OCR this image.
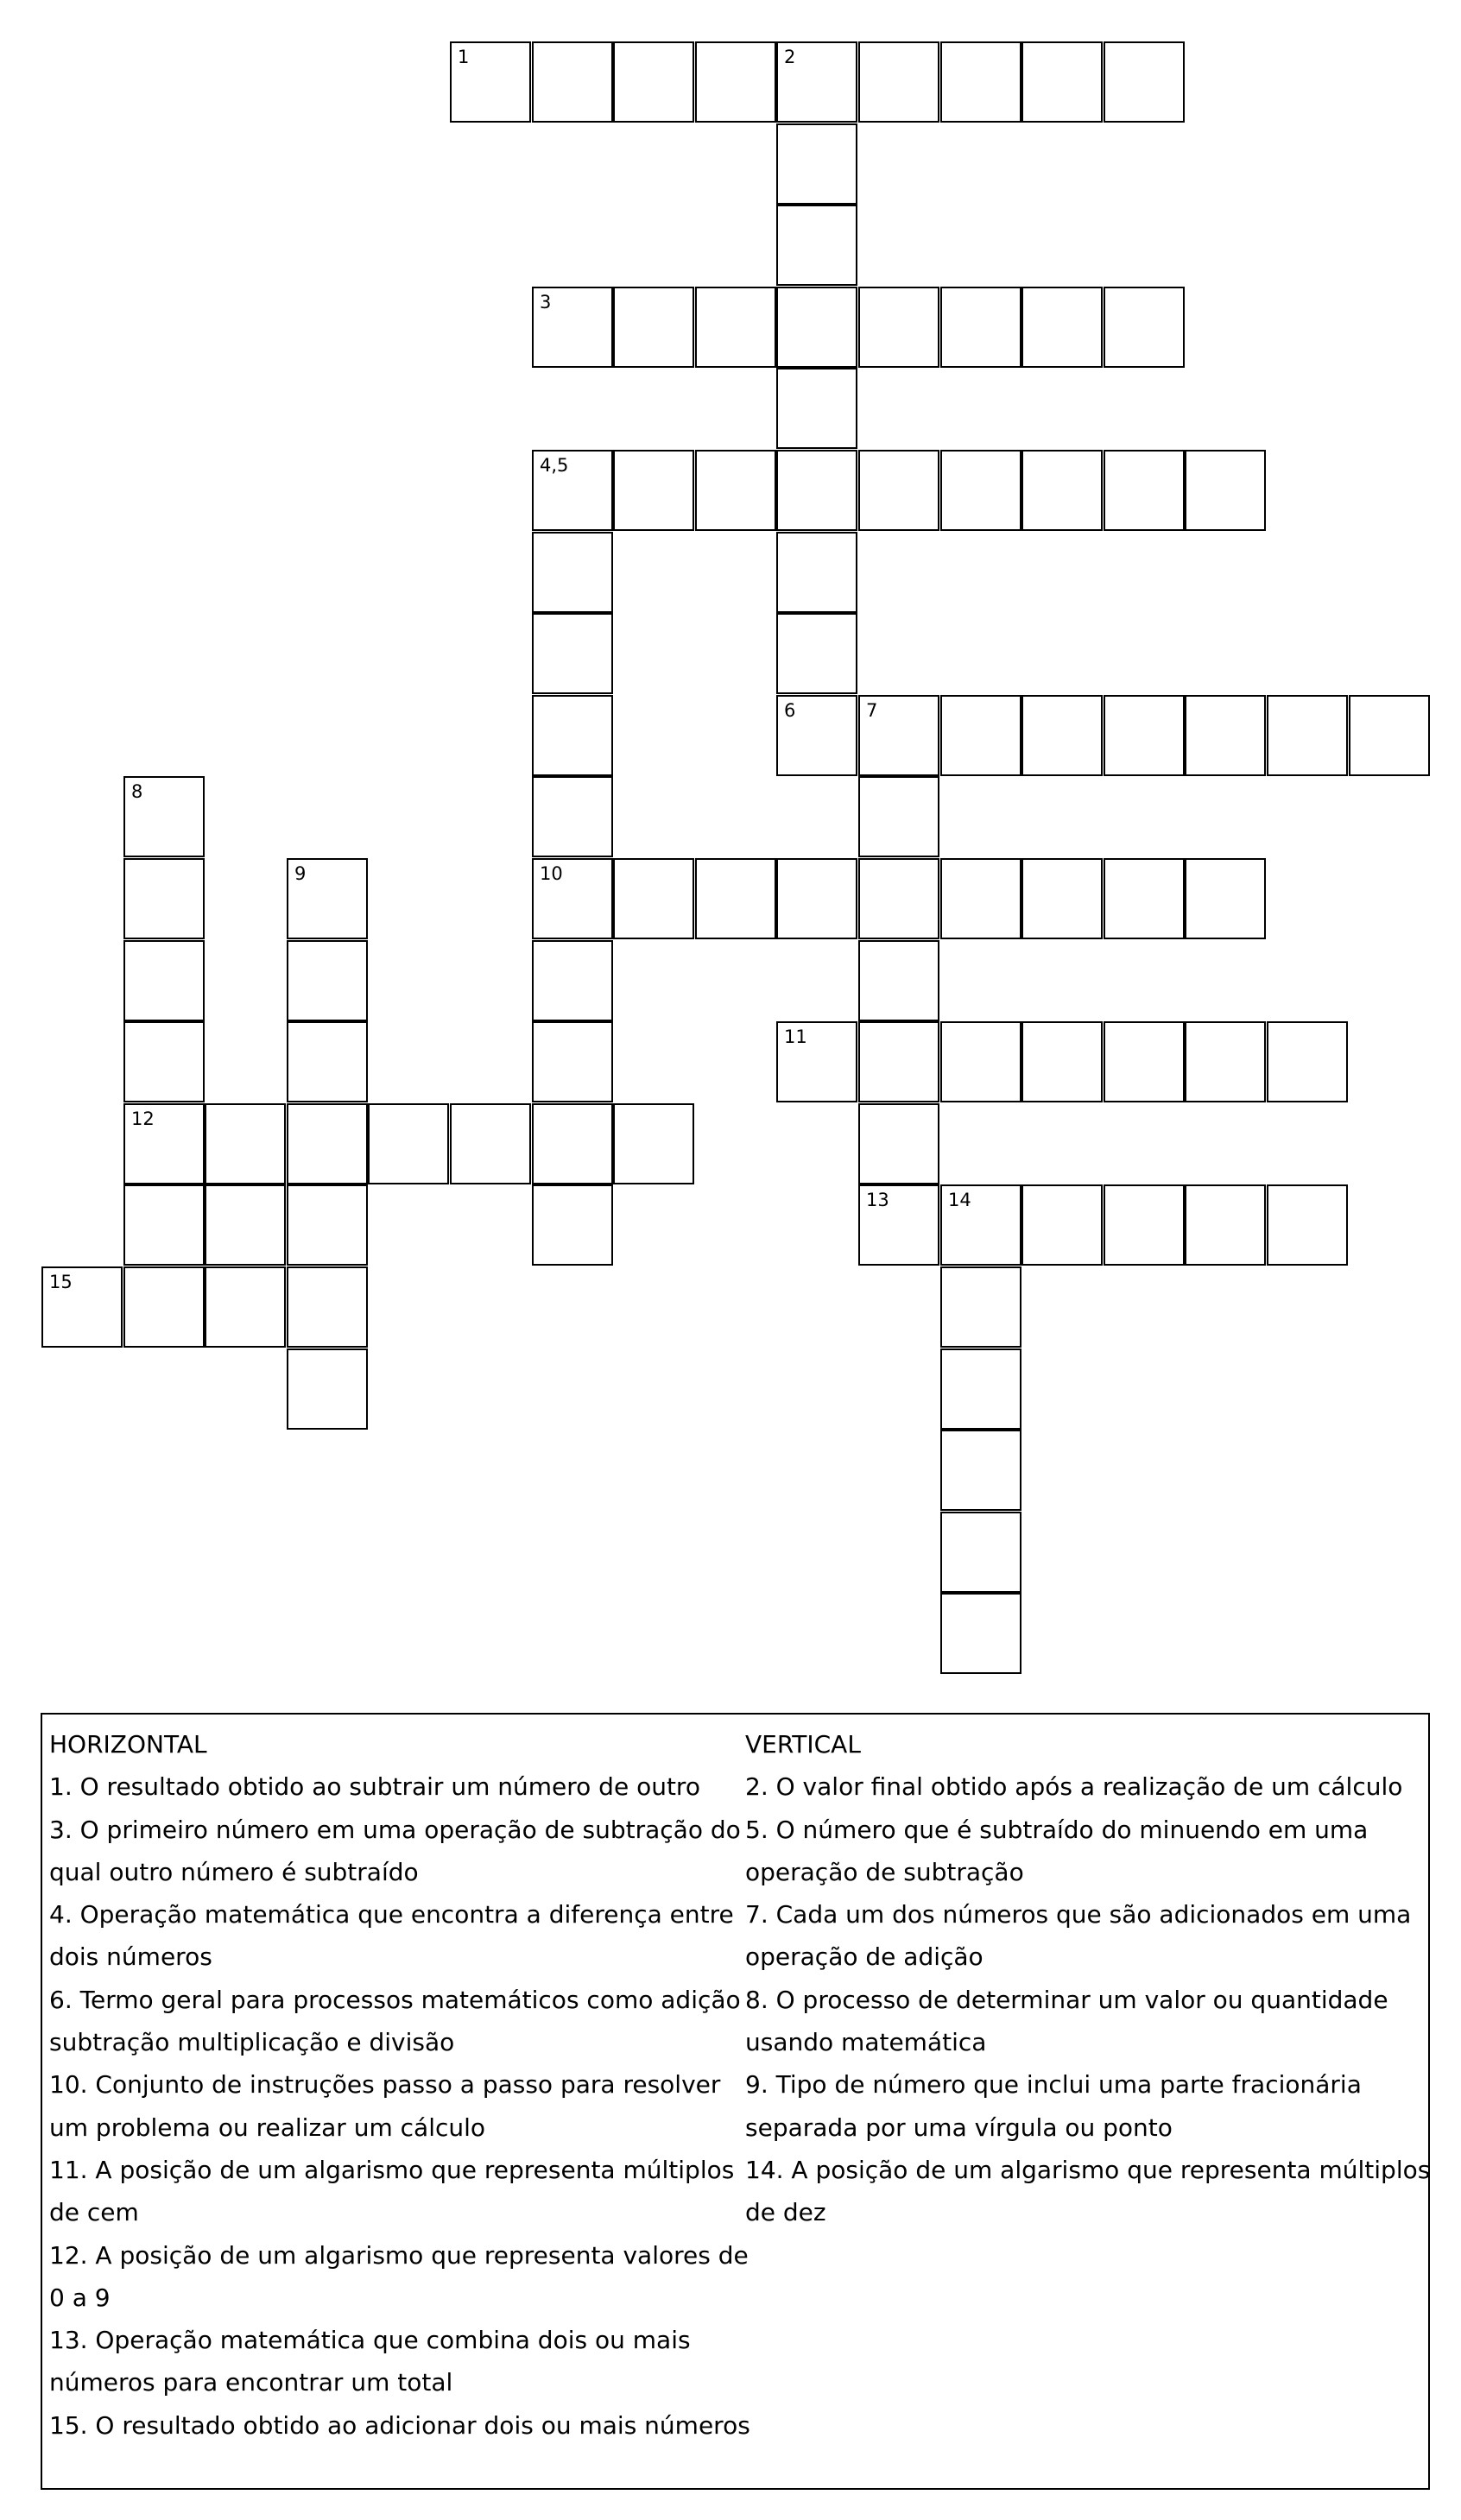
1	2
3
4,5
10
6	7
13
8
12
9
11
14
15
HORIZONTAL
1. O resultado obtido ao subtrair um número de outro
3. O primeiro número em uma operação de subtração do
qual outro número é subtraído
4. Operação matemática que encontra a diferença entre
dois números
6. Termo geral para processos matemáticos como adição
subtração multiplicação e divisão
10. Conjunto de instruções passo a passo para resolver
um problema ou realizar um cálculo
11. A posição de um algarismo que representa múltiplos
de cem
12. A posição de um algarismo que representa valores de
0 a 9
13. Operação matemática que combina dois ou mais
números para encontrar um total
15. O resultado obtido ao adicionar dois ou mais números
VERTICAL
2. O valor final obtido após a realização de um cálculo
5. O número que é subtraído do minuendo em uma
operação de subtração
7. Cada um dos números que são adicionados em uma
operação de adição
8. O processo de determinar um valor ou quantidade
usando matemática
9. Tipo de número que inclui uma parte fracionária
separada por uma vírgula ou ponto
14. A posição de um algarismo que representa múltiplos
de dez
